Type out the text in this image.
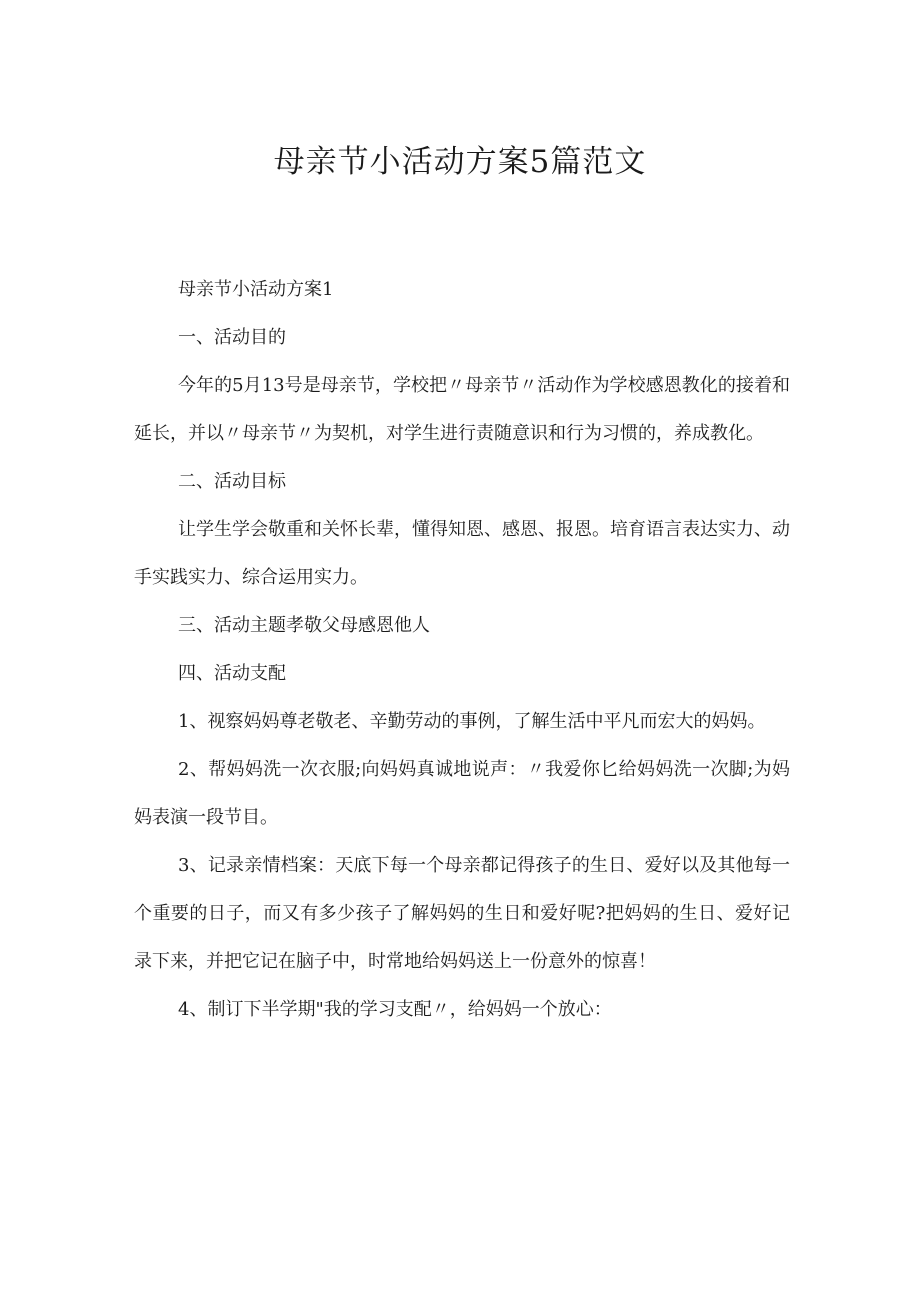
母亲节小活动方案5篇范文

母亲节小活动方案1

一、活动目的

今年的5月13号是母亲节，学校把〃母亲节〃活动作为学校感恩教化的接着和延长，并以〃母亲节〃为契机，对学生进行责随意识和行为习惯的，养成教化。

二、活动目标

让学生学会敬重和关怀长辈，懂得知恩、感恩、报恩。培育语言表达实力、动手实践实力、综合运用实力。

三、活动主题孝敬父母感恩他人

四、活动支配

1、视察妈妈尊老敬老、辛勤劳动的事例，了解生活中平凡而宏大的妈妈。

2、帮妈妈洗一次衣服;向妈妈真诚地说声：〃我爱你匕给妈妈洗一次脚;为妈妈表演一段节目。

3、记录亲情档案：天底下每一个母亲都记得孩子的生日、爱好以及其他每一个重要的日子，而又有多少孩子了解妈妈的生日和爱好呢?把妈妈的生日、爱好记录下来，并把它记在脑子中，时常地给妈妈送上一份意外的惊喜！

4、制订下半学期"我的学习支配〃，给妈妈一个放心：
